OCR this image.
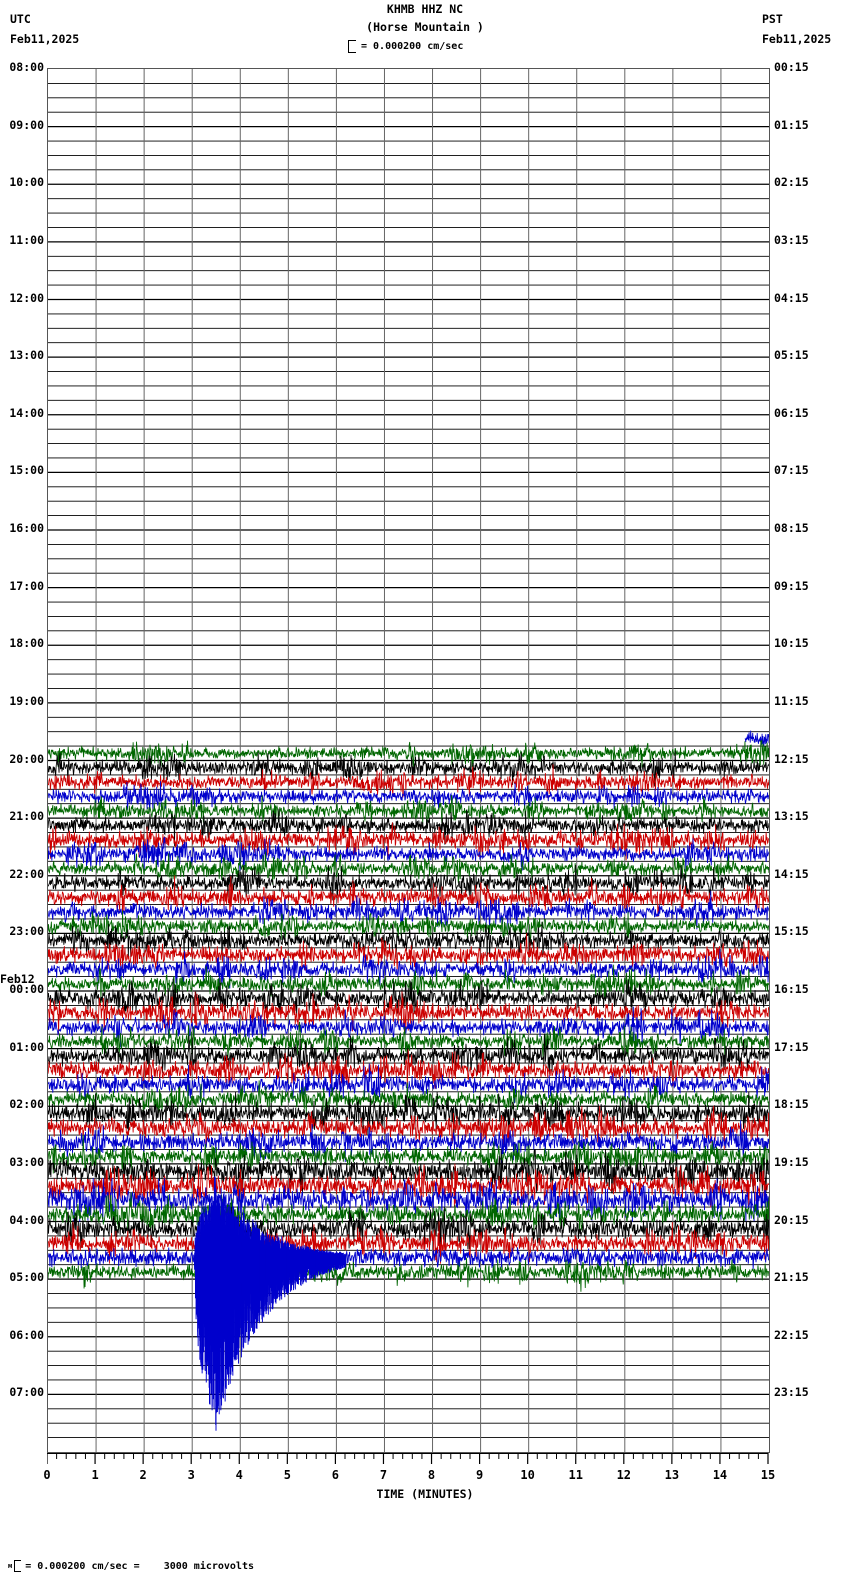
UTC
Feb11,2025
PST
Feb11,2025
KHMB HHZ NC
(Horse Mountain )
= 0.000200 cm/sec
08:00
09:00
10:00
11:00
12:00
13:00
14:00
15:00
16:00
17:00
18:00
19:00
20:00
21:00
22:00
23:00
Feb12
00:00
01:00
02:00
03:00
04:00
05:00
06:00
07:00
00:15
01:15
02:15
03:15
04:15
05:15
06:15
07:15
08:15
09:15
10:15
11:15
12:15
13:15
14:15
15:15
16:15
17:15
18:15
19:15
20:15
21:15
22:15
23:15
0	1	2	3	4	5	6	7	8	9	10	11	12	13	14	15
TIME (MINUTES)
м = 0.000200 cm/sec =    3000 microvolts
